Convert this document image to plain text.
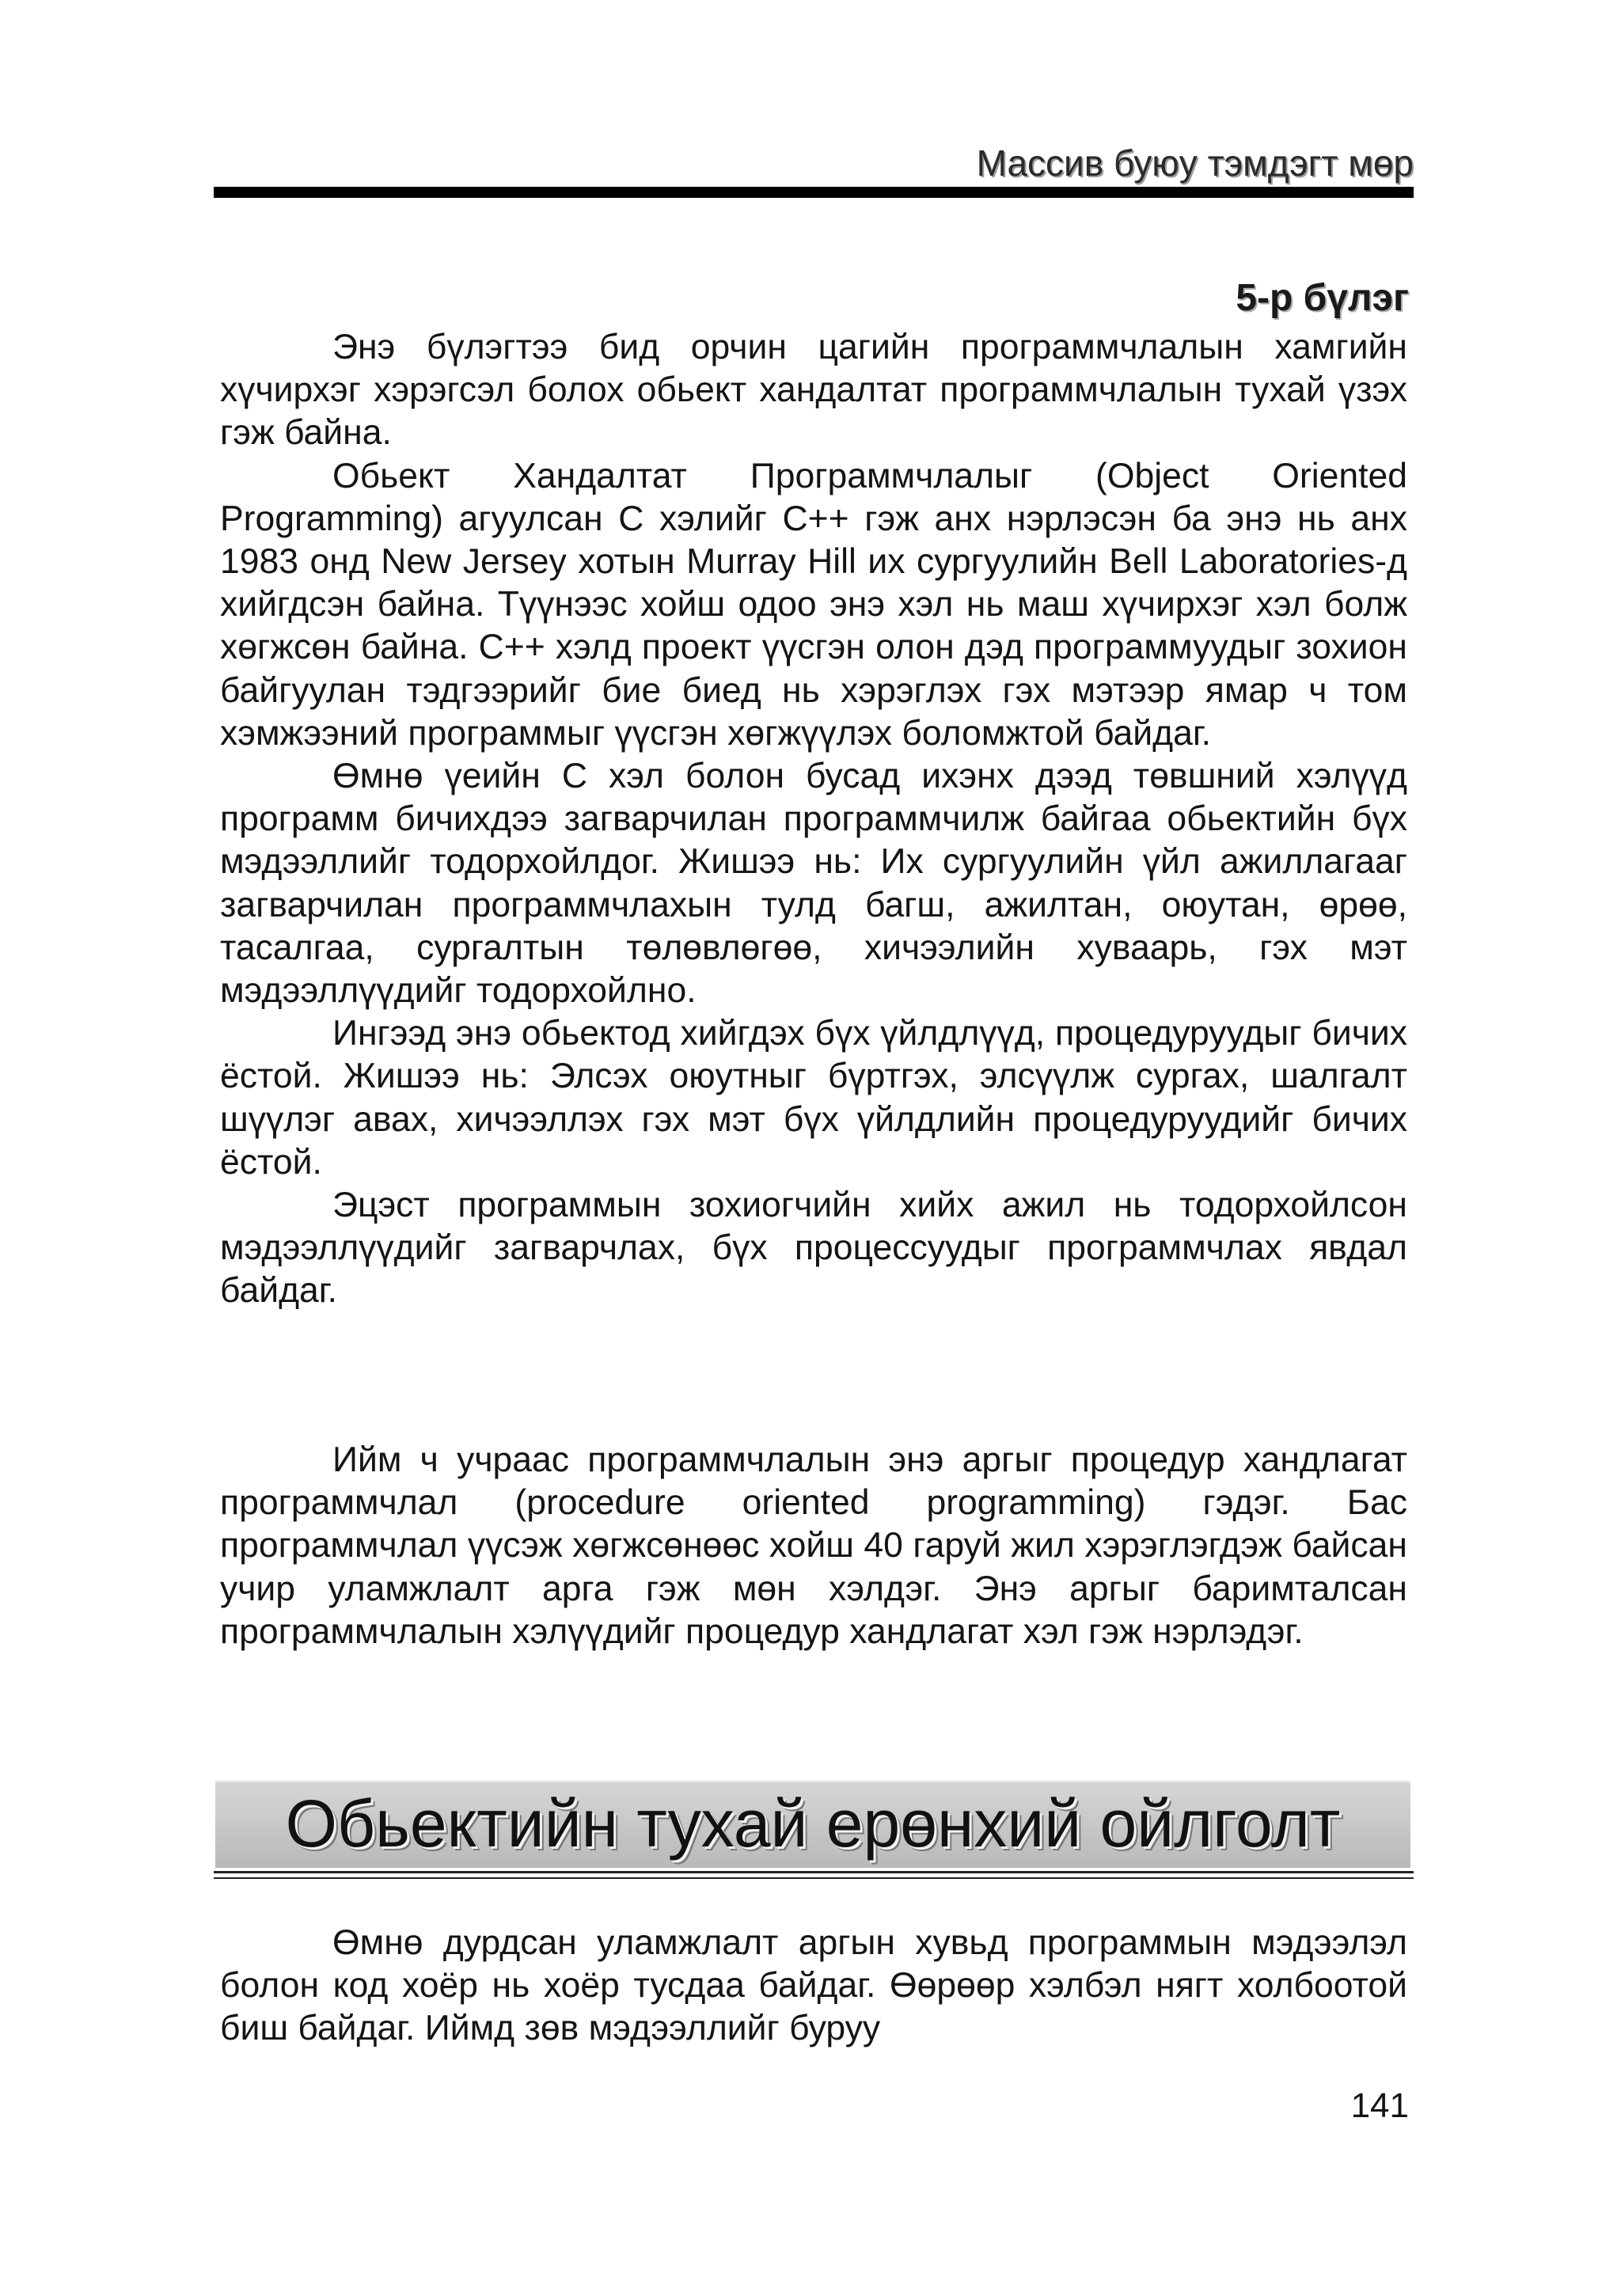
Массив буюу тэмдэгт мөр
5-р бүлэг

Энэ бүлэгтээ бид орчин цагийн программчлалын хамгийн хүчирхэг хэрэгсэл болох обьект хандалтат программчлалын тухай үзэх гэж байна.

Обьект Хандалтат Программчлалыг (Object Oriented Programming) агуулсан С хэлийг C++ гэж анх нэрлэсэн ба энэ нь анх 1983 онд New Jersey хотын Murray Hill их сургуулийн Bell Laboratories-д хийгдсэн байна. Түүнээс хойш одоо энэ хэл нь маш хүчирхэг хэл болж хөгжсөн байна. C++ хэлд проект үүсгэн олон дэд программуудыг зохион байгуулан тэдгээрийг бие биед нь хэрэглэх гэх мэтээр ямар ч том хэмжээний программыг үүсгэн хөгжүүлэх боломжтой байдаг.

Өмнө үеийн С хэл болон бусад ихэнх дээд төвшний хэлүүд программ бичихдээ загварчилан программчилж байгаа обьектийн бүх мэдээллийг тодорхойлдог. Жишээ нь: Их сургуулийн үйл ажиллагааг загварчилан программчлахын тулд багш, ажилтан, оюутан, өрөө, тасалгаа, сургалтын төлөвлөгөө, хичээлийн хуваарь, гэх мэт мэдээллүүдийг тодорхойлно.

Ингээд энэ обьектод хийгдэх бүх үйлдлүүд, процедуруудыг бичих ёстой. Жишээ нь: Элсэх оюутныг бүртгэх, элсүүлж сургах, шалгалт шүүлэг авах, хичээллэх гэх мэт бүх үйлдлийн процедуруудийг бичих ёстой.

Эцэст программын зохиогчийн хийх ажил нь тодорхойлсон мэдээллүүдийг загварчлах, бүх процессуудыг программчлах явдал байдаг.

Ийм ч учраас программчлалын энэ аргыг процедур хандлагат программчлал (procedure oriented programming) гэдэг. Бас программчлал үүсэж хөгжсөнөөс хойш 40 гаруй жил хэрэглэгдэж байсан учир уламжлалт арга гэж мөн хэлдэг. Энэ аргыг баримталсан программчлалын хэлүүдийг процедур хандлагат хэл гэж нэрлэдэг.

Обьектийн тухай ерөнхий ойлголт

Өмнө дурдсан уламжлалт аргын хувьд программын мэдээлэл болон код хоёр нь хоёр тусдаа байдаг. Өөрөөр хэлбэл нягт холбоотой биш байдаг. Иймд зөв мэдээллийг буруу

141
